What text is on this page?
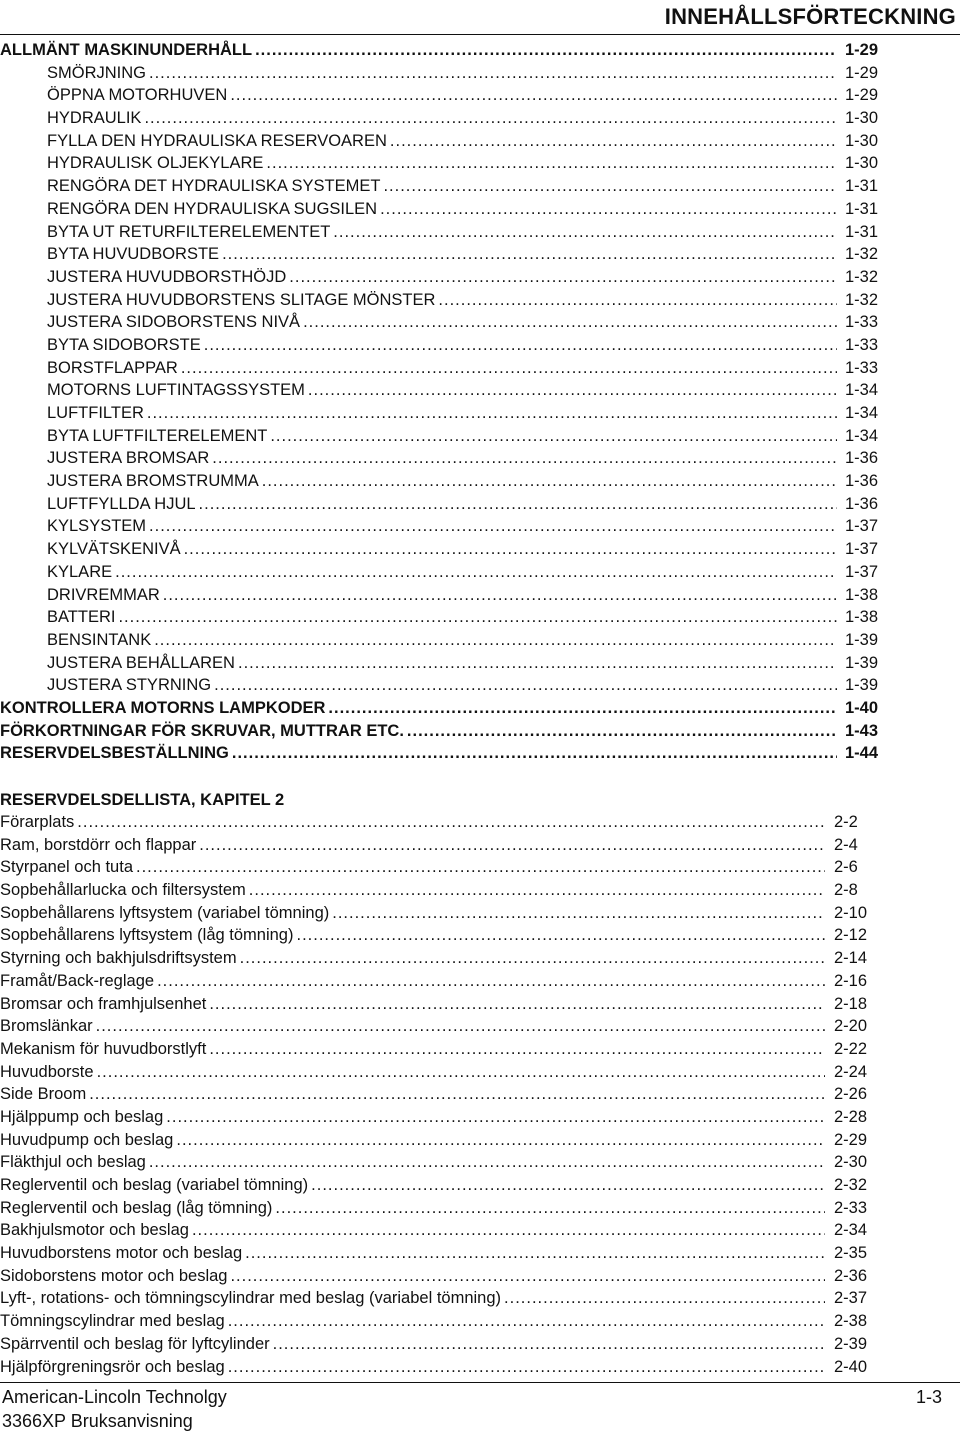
INNEHÅLLSFÖRTECKNING
ALLMÄNT MASKINUNDERHÅLL .....	1-29
SMÖRJNING .....	1-29
ÖPPNA MOTORHUVEN .....	1-29
HYDRAULIK .....	1-30
FYLLA DEN HYDRAULISKA RESERVOAREN .....	1-30
HYDRAULISK OLJEKYLARE .....	1-30
RENGÖRA DET HYDRAULISKA SYSTEMET .....	1-31
RENGÖRA DEN HYDRAULISKA SUGSILEN .....	1-31
BYTA UT RETURFILTERELEMENTET .....	1-31
BYTA HUVUDBORSTE .....	1-32
JUSTERA HUVUDBORSTHÖJD .....	1-32
JUSTERA HUVUDBORSTENS SLITAGE MÖNSTER .....	1-32
JUSTERA SIDOBORSTENS NIVÅ .....	1-33
BYTA SIDOBORSTE .....	1-33
BORSTFLAPPAR .....	1-33
MOTORNS LUFTINTAGSSYSTEM .....	1-34
LUFTFILTER .....	1-34
BYTA LUFTFILTERELEMENT .....	1-34
JUSTERA BROMSAR .....	1-36
JUSTERA BROMSTRUMMA .....	1-36
LUFTFYLLDA HJUL .....	1-36
KYLSYSTEM .....	1-37
KYLVÄTSKENIVÅ .....	1-37
KYLARE .....	1-37
DRIVREMMAR .....	1-38
BATTERI .....	1-38
BENSINTANK .....	1-39
JUSTERA BEHÅLLAREN .....	1-39
JUSTERA STYRNING .....	1-39
KONTROLLERA MOTORNS LAMPKODER .....	1-40
FÖRKORTNINGAR FÖR SKRUVAR, MUTTRAR ETC. .....	1-43
RESERVDELSBESTÄLLNING .....	1-44
RESERVDELSDELLISTA, KAPITEL 2
Förarplats .....	2-2
Ram, borstdörr och flappar .....	2-4
Styrpanel och tuta .....	2-6
Sopbehållarlucka och filtersystem .....	2-8
Sopbehållarens lyftsystem (variabel tömning) .....	2-10
Sopbehållarens lyftsystem (låg tömning) .....	2-12
Styrning och bakhjulsdriftsystem .....	2-14
Framåt/Back-reglage .....	2-16
Bromsar och framhjulsenhet .....	2-18
Bromslänkar .....	2-20
Mekanism för huvudborstlyft .....	2-22
Huvudborste .....	2-24
Side Broom .....	2-26
Hjälppump och beslag .....	2-28
Huvudpump och beslag .....	2-29
Fläkthjul och beslag .....	2-30
Reglerventil och beslag (variabel tömning) .....	2-32
Reglerventil och beslag (låg tömning) .....	2-33
Bakhjulsmotor och beslag .....	2-34
Huvudborstens motor och beslag .....	2-35
Sidoborstens motor och beslag .....	2-36
Lyft-, rotations- och tömningscylindrar med beslag (variabel tömning) .....	2-37
Tömningscylindrar med beslag .....	2-38
Spärrventil och beslag för lyftcylinder .....	2-39
Hjälpförgreningsrör och beslag .....	2-40
American-Lincoln Technolgy	1-3
3366XP Bruksanvisning
